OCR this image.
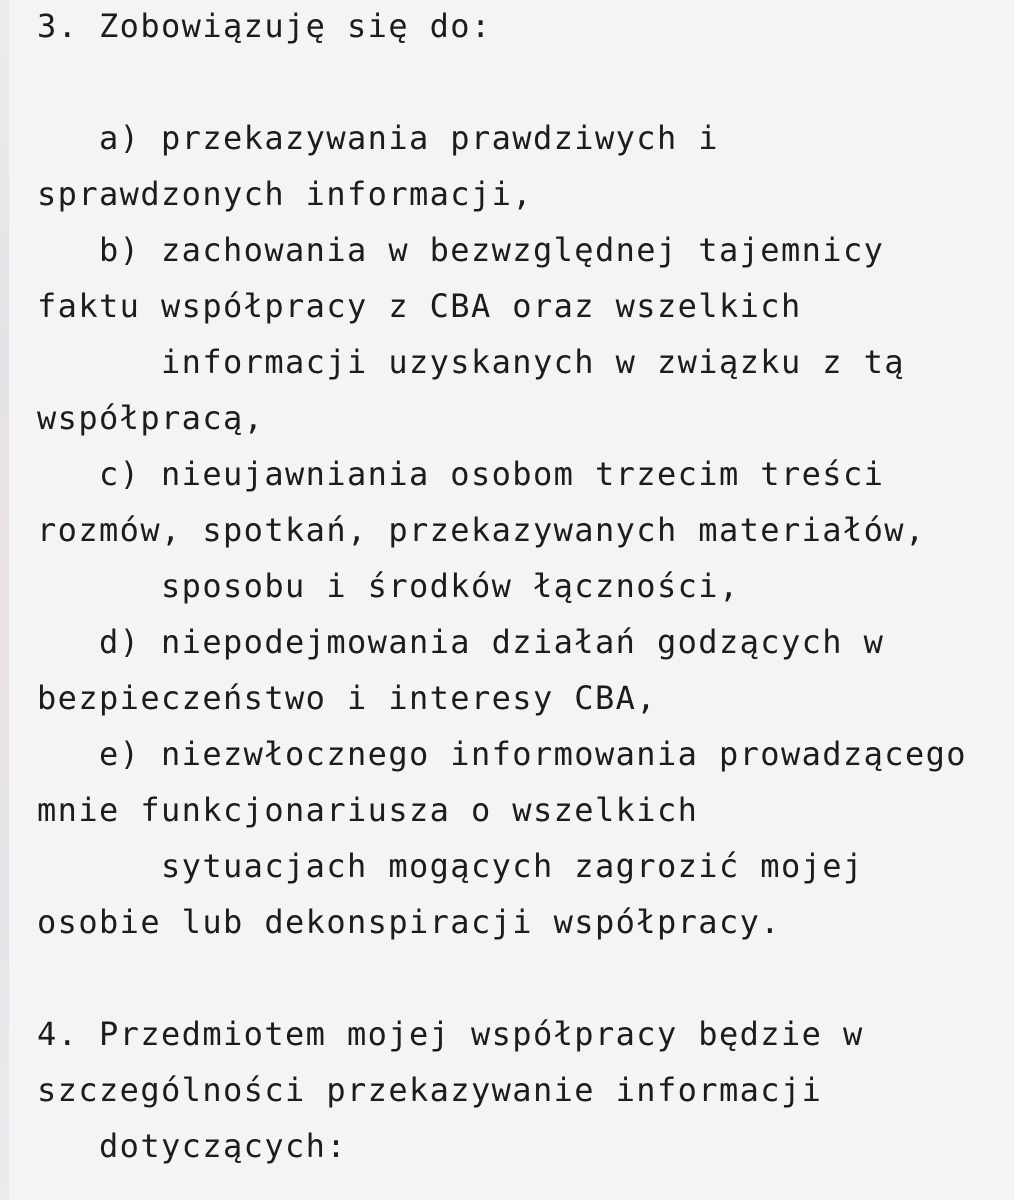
3. Zobowiązuję się do:

a) przekazywania prawdziwych i

sprawdzonych informacji,

b) zachowania w bezwzględnej tajemnicy

faktu współpracy z CBA oraz wszelkich

informacji uzyskanych w związku z tą

współpracą,

c) nieujawniania osobom trzecim treści

rozmów, spotkań, przekazywanych materiałów,

sposobu i środków łączności,

d) niepodejmowania działań godzących w

bezpieczeństwo i interesy CBA,

e) niezwłocznego informowania prowadzącego

mnie funkcjonariusza o wszelkich

sytuacjach mogących zagrozić mojej

osobie lub dekonspiracji współpracy.

4. Przedmiotem mojej współpracy będzie w

szczególności przekazywanie informacji

dotyczących:
